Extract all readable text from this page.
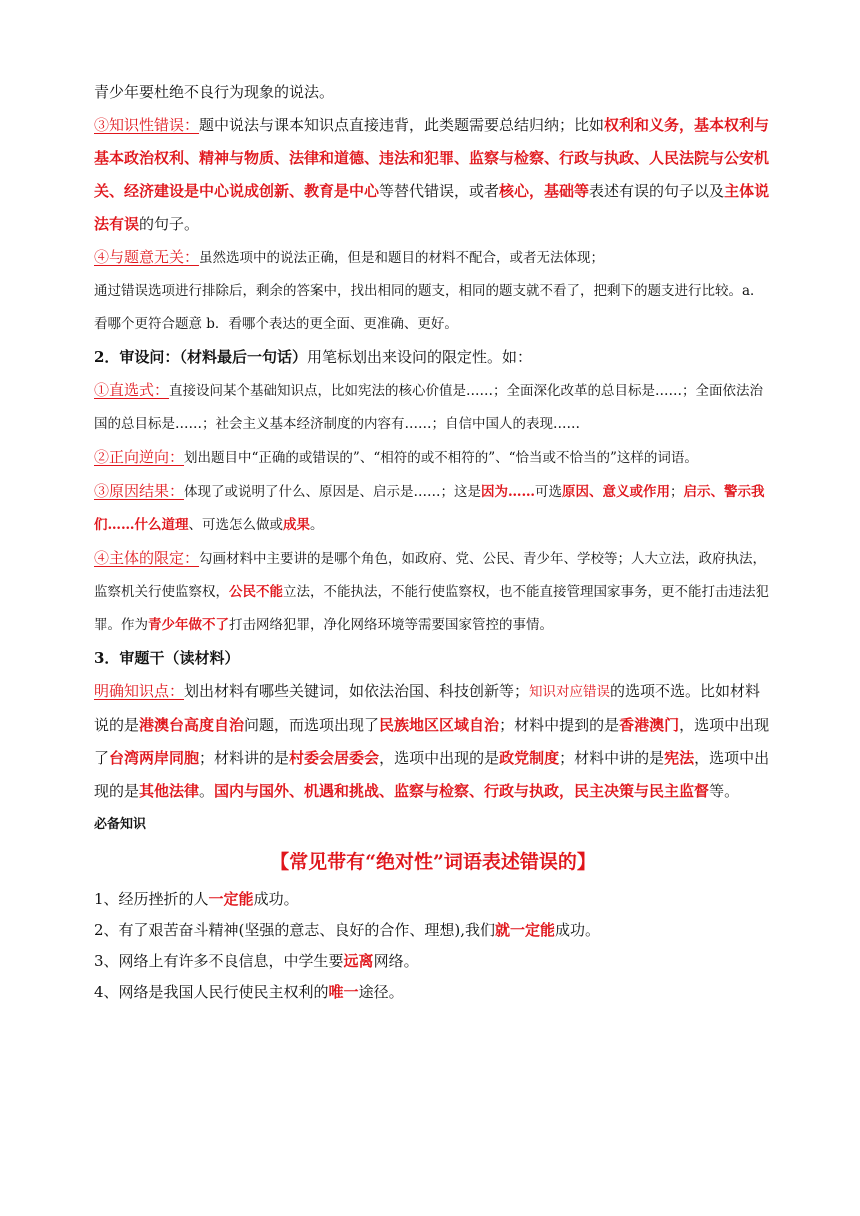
青少年要杜绝不良行为现象的说法。

③知识性错误：题中说法与课本知识点直接违背，此类题需要总结归纳；比如权利和义务，基本权利与基本政治权利、精神与物质、法律和道德、违法和犯罪、监察与检察、行政与执政、人民法院与公安机关、经济建设是中心说成创新、教育是中心等替代错误，或者核心，基础等表述有误的句子以及主体说法有误的句子。

④与题意无关：虽然选项中的说法正确，但是和题目的材料不配合，或者无法体现；

通过错误选项进行排除后，剩余的答案中，找出相同的题支，相同的题支就不看了，把剩下的题支进行比较。a．看哪个更符合题意 b．看哪个表达的更全面、更准确、更好。

2．审设问：（材料最后一句话）用笔标划出来设问的限定性。如：

①直选式：直接设问某个基础知识点，比如宪法的核心价值是……；全面深化改革的总目标是……；全面依法治国的总目标是……；社会主义基本经济制度的内容有……；自信中国人的表现……

②正向逆向：划出题目中“正确的或错误的”、“相符的或不相符的”、“恰当或不恰当的”这样的词语。

③原因结果：体现了或说明了什么、原因是、启示是……；这是因为……可选原因、意义或作用；启示、警示我们……什么道理、可选怎么做或成果。

④主体的限定：勾画材料中主要讲的是哪个角色，如政府、党、公民、青少年、学校等；人大立法，政府执法，监察机关行使监察权，公民不能立法，不能执法，不能行使监察权，也不能直接管理国家事务，更不能打击违法犯罪。作为青少年做不了打击网络犯罪，净化网络环境等需要国家管控的事情。

3．审题干（读材料）

明确知识点：划出材料有哪些关键词，如依法治国、科技创新等；知识对应错误的选项不选。比如材料说的是港澳台高度自治问题，而选项出现了民族地区区域自治；材料中提到的是香港澳门，选项中出现了台湾两岸同胞；材料讲的是村委会居委会，选项中出现的是政党制度；材料中讲的是宪法，选项中出现的是其他法律。国内与国外、机遇和挑战、监察与检察、行政与执政，民主决策与民主监督等。

必备知识

【常见带有“绝对性”词语表述错误的】

1、经历挫折的人一定能成功。

2、有了艰苦奋斗精神(坚强的意志、良好的合作、理想),我们就一定能成功。

3、网络上有许多不良信息，中学生要远离网络。

4、网络是我国人民行使民主权利的唯一途径。
